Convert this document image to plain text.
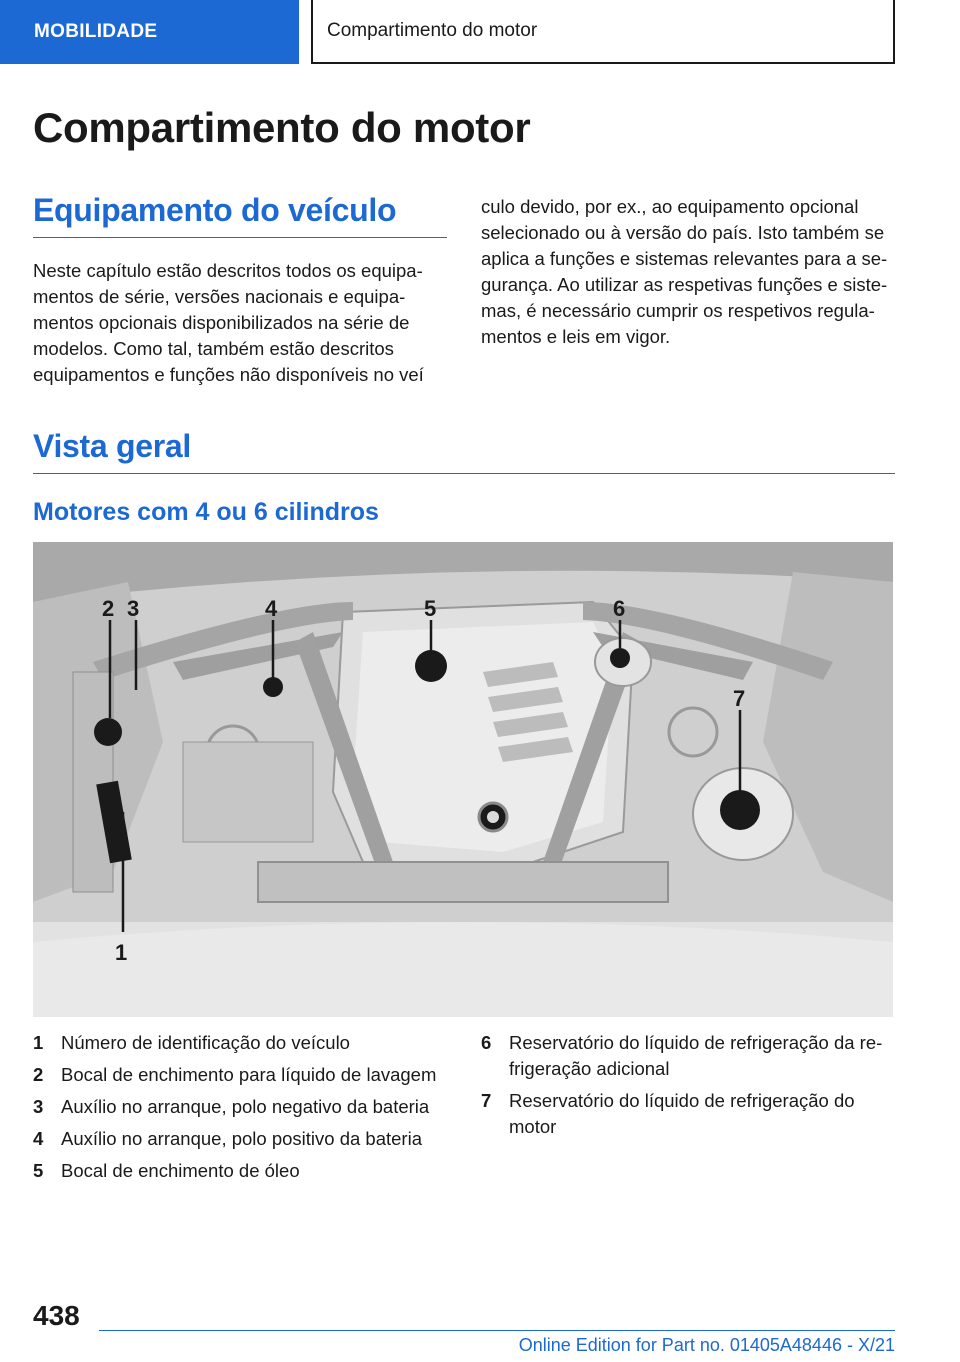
MOBILIDADE	Compartimento do motor
Compartimento do motor
Equipamento do veículo

Neste capítulo estão descritos todos os equipamentos de série, versões nacionais e equipamentos opcionais disponibilizados na série de modelos. Como tal, também estão descritos equipamentos e funções não disponíveis no veí

culo devido, por ex., ao equipamento opcional selecionado ou à versão do país. Isto também se aplica a funções e sistemas relevantes para a segurança. Ao utilizar as respetivas funções e sistemas, é necessário cumprir os respetivos regulamentos e leis em vigor.

Vista geral
Motores com 4 ou 6 cilindros
2 3	4	5	6
7
1
1 Número de identificação do veículo
2 Bocal de enchimento para líquido de lavagem
3 Auxílio no arranque, polo negativo da bateria
4 Auxílio no arranque, polo positivo da bateria
5 Bocal de enchimento de óleo
6 Reservatório do líquido de refrigeração da refrigeração adicional
7 Reservatório do líquido de refrigeração do motor
438
Online Edition for Part no. 01405A48446 - X/21
